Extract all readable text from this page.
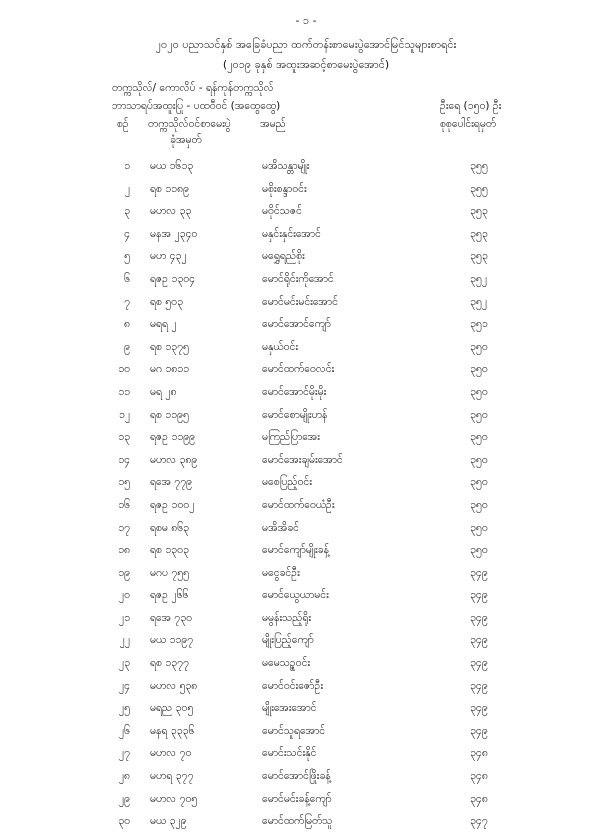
- ၁ -
၂၀၂၀ ပညာသင်နှစ် အခြေခံပညာ ထက်တန်းစာမေးပွဲအောင်မြင်သူများစာရင်း
(၂၀၁၉ ခုနှစ် အထူးအဆင့်စာမေးပွဲအောင်)
တက္ကသိုလ်/ ကောလိပ် - ရန်ကုန်တက္ကသိုလ်
ဘာသာရပ်အထူးပြု - ပထဝီဝင် (အထွေထွေ)	ဦးရေ (၁၅၀) ဦး
စဉ် တက္ကသိုလ်ဝင်စာမေးပွဲ
ခုံအမှတ်
အမည်	စုစုပေါင်းရမှတ်
၁ မယ ၁၆၁၃	မအိသန္တာမျိုး	၃၅၅
၂ ရစ ၁၁၈၉	မစိုးစန္ဒာဝင်း	၃၅၅
၃ မဟလ ၃၃	မဝိုင်သဇင်	၃၅၃
၄ မနအ ၂၃၄၀	မနှင်းနှင်းအောင်	၃၅၃
၅ မဟ ၄၃၂	မရွှေရည်စိုး	၃၅၃
၆ ရဇဥ ၁၃၀၄	မောင်ရိုင်းကိုအောင်	၃၅၂
၇ ရစ ၅၀၃	မောင်မင်းမင်းအောင်	၃၅၂
၈ မရရ ၂	မောင်အောင်ကျော်	၃၅၁
၉ ရစ ၁၃၇၅	မနှယ်ဝင်း	၃၅၀
၁၀ မဂ ၁၈၁၁	မောင်ထက်ဝေလင်း	၃၅၀
၁၁ မရ ၂၈	မောင်အောင်မိုးမိုး	၃၅၀
၁၂ ရစ ၁၁၉၅	မောင်စောမျိုးဟန်	၃၅၀
၁၃ ရဇဥ ၁၁၉၉	မကြည်ပြာအေး	၃၅၀
၁၄ မဟလ ၃၈၉	မောင်အေးချမ်းအောင်	၃၅၀
၁၅ ရအေ ၇၇၉	မစေပြည့်ဝင်း	၃၅၀
၁၆ ရဇဥ ၁၀၀၂	မောင်ထက်ဝေယံဦး	၃၅၀
၁၇ ရစမ ၈၆၃	မအိအိခင်	၃၅၀
၁၈ ရစ ၁၃၀၃	မောင်ကျော်မျိုးခန့်	၃၅၀
၁၉ မဂပ ၇၅၅	မငွေခင်ဦး	၃၄၉
၂၀ ရဇဥ ၂၆၆	မောင်ယွေယာမင်း	၃၄၉
၂၁ ရအေ ၇၃၀	မမွန်းသည့်ရိုး	၃၄၉
၂၂ မယ ၁၁၉၇	မျိုးပြည့်ကျော်	၃၄၉
၂၃ ရစ ၁၃၇၇	မမေသဉ္စဝင်း	၃၄၉
၂၄ မဟလ ၅၃၈	မောင်ဝင်းဇော်ဦး	၃၄၉
၂၅ မရည ၃၀၅	မျိုးအေးအောင်	၃၄၉
၂၆ မနရ ၃၃၃၆	မောင်သူရအောင်	၃၄၉
၂၇ မဟလ ၇၀	မောင်းသင်းနိုင်	၃၄၈
၂၈ မဟရ ၃၇၇	မောင်အောင်ဖြိုးခန့်	၃၄၈
၂၉ မဟလ ၇၀၅	မောင်မင်းခန့်ကျော်	၃၄၈
၃၀ မယ ၃၂၉	မောင်ထက်မြတ်သူ	၃၄၇
